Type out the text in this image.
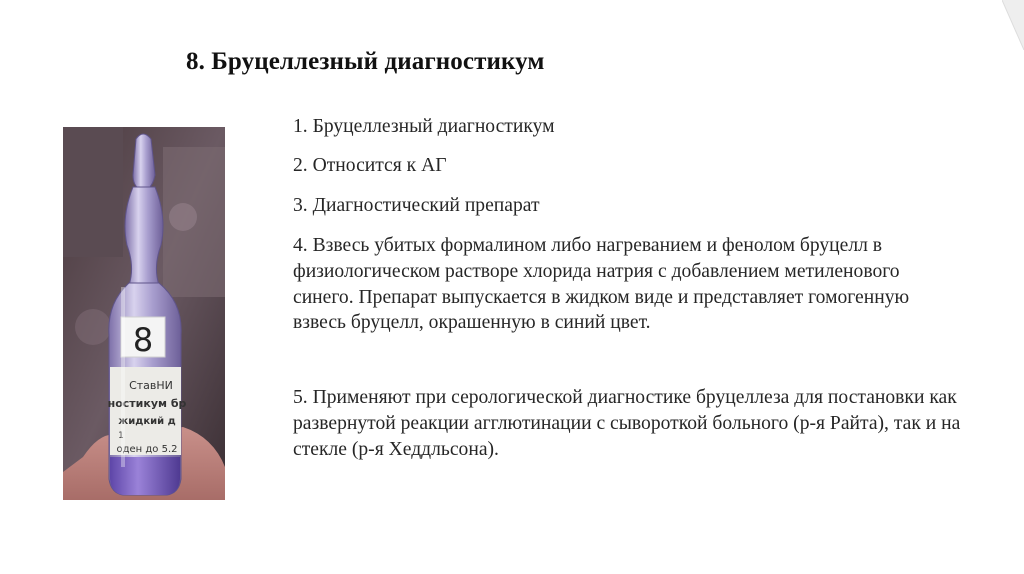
8. Бруцеллезный диагностикум
8
СтавНИ
ностикум бр
жидкий д
1
оден до 5.2
1. Бруцеллезный диагностикум
2. Относится к АГ
3. Диагностический препарат
4. Взвесь убитых формалином либо нагреванием и фенолом бруцелл в физиологическом растворе хлорида натрия с добавлением метиленового синего. Препарат выпускается в жидком виде и представляет гомогенную взвесь бруцелл, окрашенную в синий цвет.
5. Применяют при серологической диагностике бруцеллеза для постановки как развернутой реакции агглютинации с сывороткой больного (р-я Райта), так и на стекле (р-я Хеддльсона).
